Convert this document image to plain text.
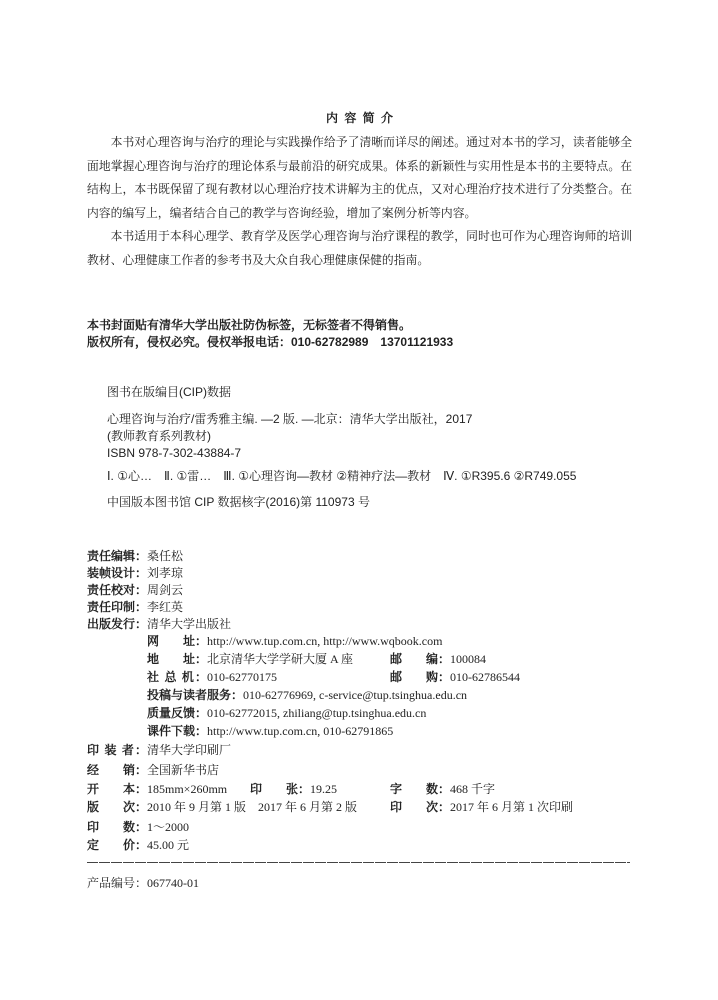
内 容 简 介

本书对心理咨询与治疗的理论与实践操作给予了清晰而详尽的阐述。通过对本书的学习，读者能够全面地掌握心理咨询与治疗的理论体系与最前沿的研究成果。体系的新颖性与实用性是本书的主要特点。在结构上，本书既保留了现有教材以心理治疗技术讲解为主的优点，又对心理治疗技术进行了分类整合。在内容的编写上，编者结合自己的教学与咨询经验，增加了案例分析等内容。

本书适用于本科心理学、教育学及医学心理咨询与治疗课程的教学，同时也可作为心理咨询师的培训教材、心理健康工作者的参考书及大众自我心理健康保健的指南。

本书封面贴有清华大学出版社防伪标签，无标签者不得销售。
版权所有，侵权必究。侵权举报电话：010-62782989　13701121933
图书在版编目(CIP)数据
心理咨询与治疗/雷秀雅主编. —2 版. —北京：清华大学出版社，2017
(教师教育系列教材)
ISBN 978-7-302-43884-7
Ⅰ. ①心…　Ⅱ. ①雷…　Ⅲ. ①心理咨询—教材 ②精神疗法—教材　Ⅳ. ①R395.6 ②R749.055
中国版本图书馆 CIP 数据核字(2016)第 110973 号
责任编辑：桑任松
装帧设计：刘孝琼
责任校对：周剑云
责任印制：李红英
出版发行：清华大学出版社
网　　址：http://www.tup.com.cn, http://www.wqbook.com
地　　址：北京清华大学学研大厦 A 座	邮　　编：100084
社 总 机：010-62770175	邮　　购：010-62786544
投稿与读者服务：010-62776969, c-service@tup.tsinghua.edu.cn
质量反馈：010-62772015, zhiliang@tup.tsinghua.edu.cn
课件下载：http://www.tup.com.cn, 010-62791865
印 装 者：清华大学印刷厂
经　　销：全国新华书店
开　　本：185mm×260mm 印　　张：19.25	字　　数：468 千字
版　　次：2010 年 9 月第 1 版　2017 年 6 月第 2 版	印　　次：2017 年 6 月第 1 次印刷
印　　数：1～2000
定　　价：45.00 元
产品编号：067740-01
